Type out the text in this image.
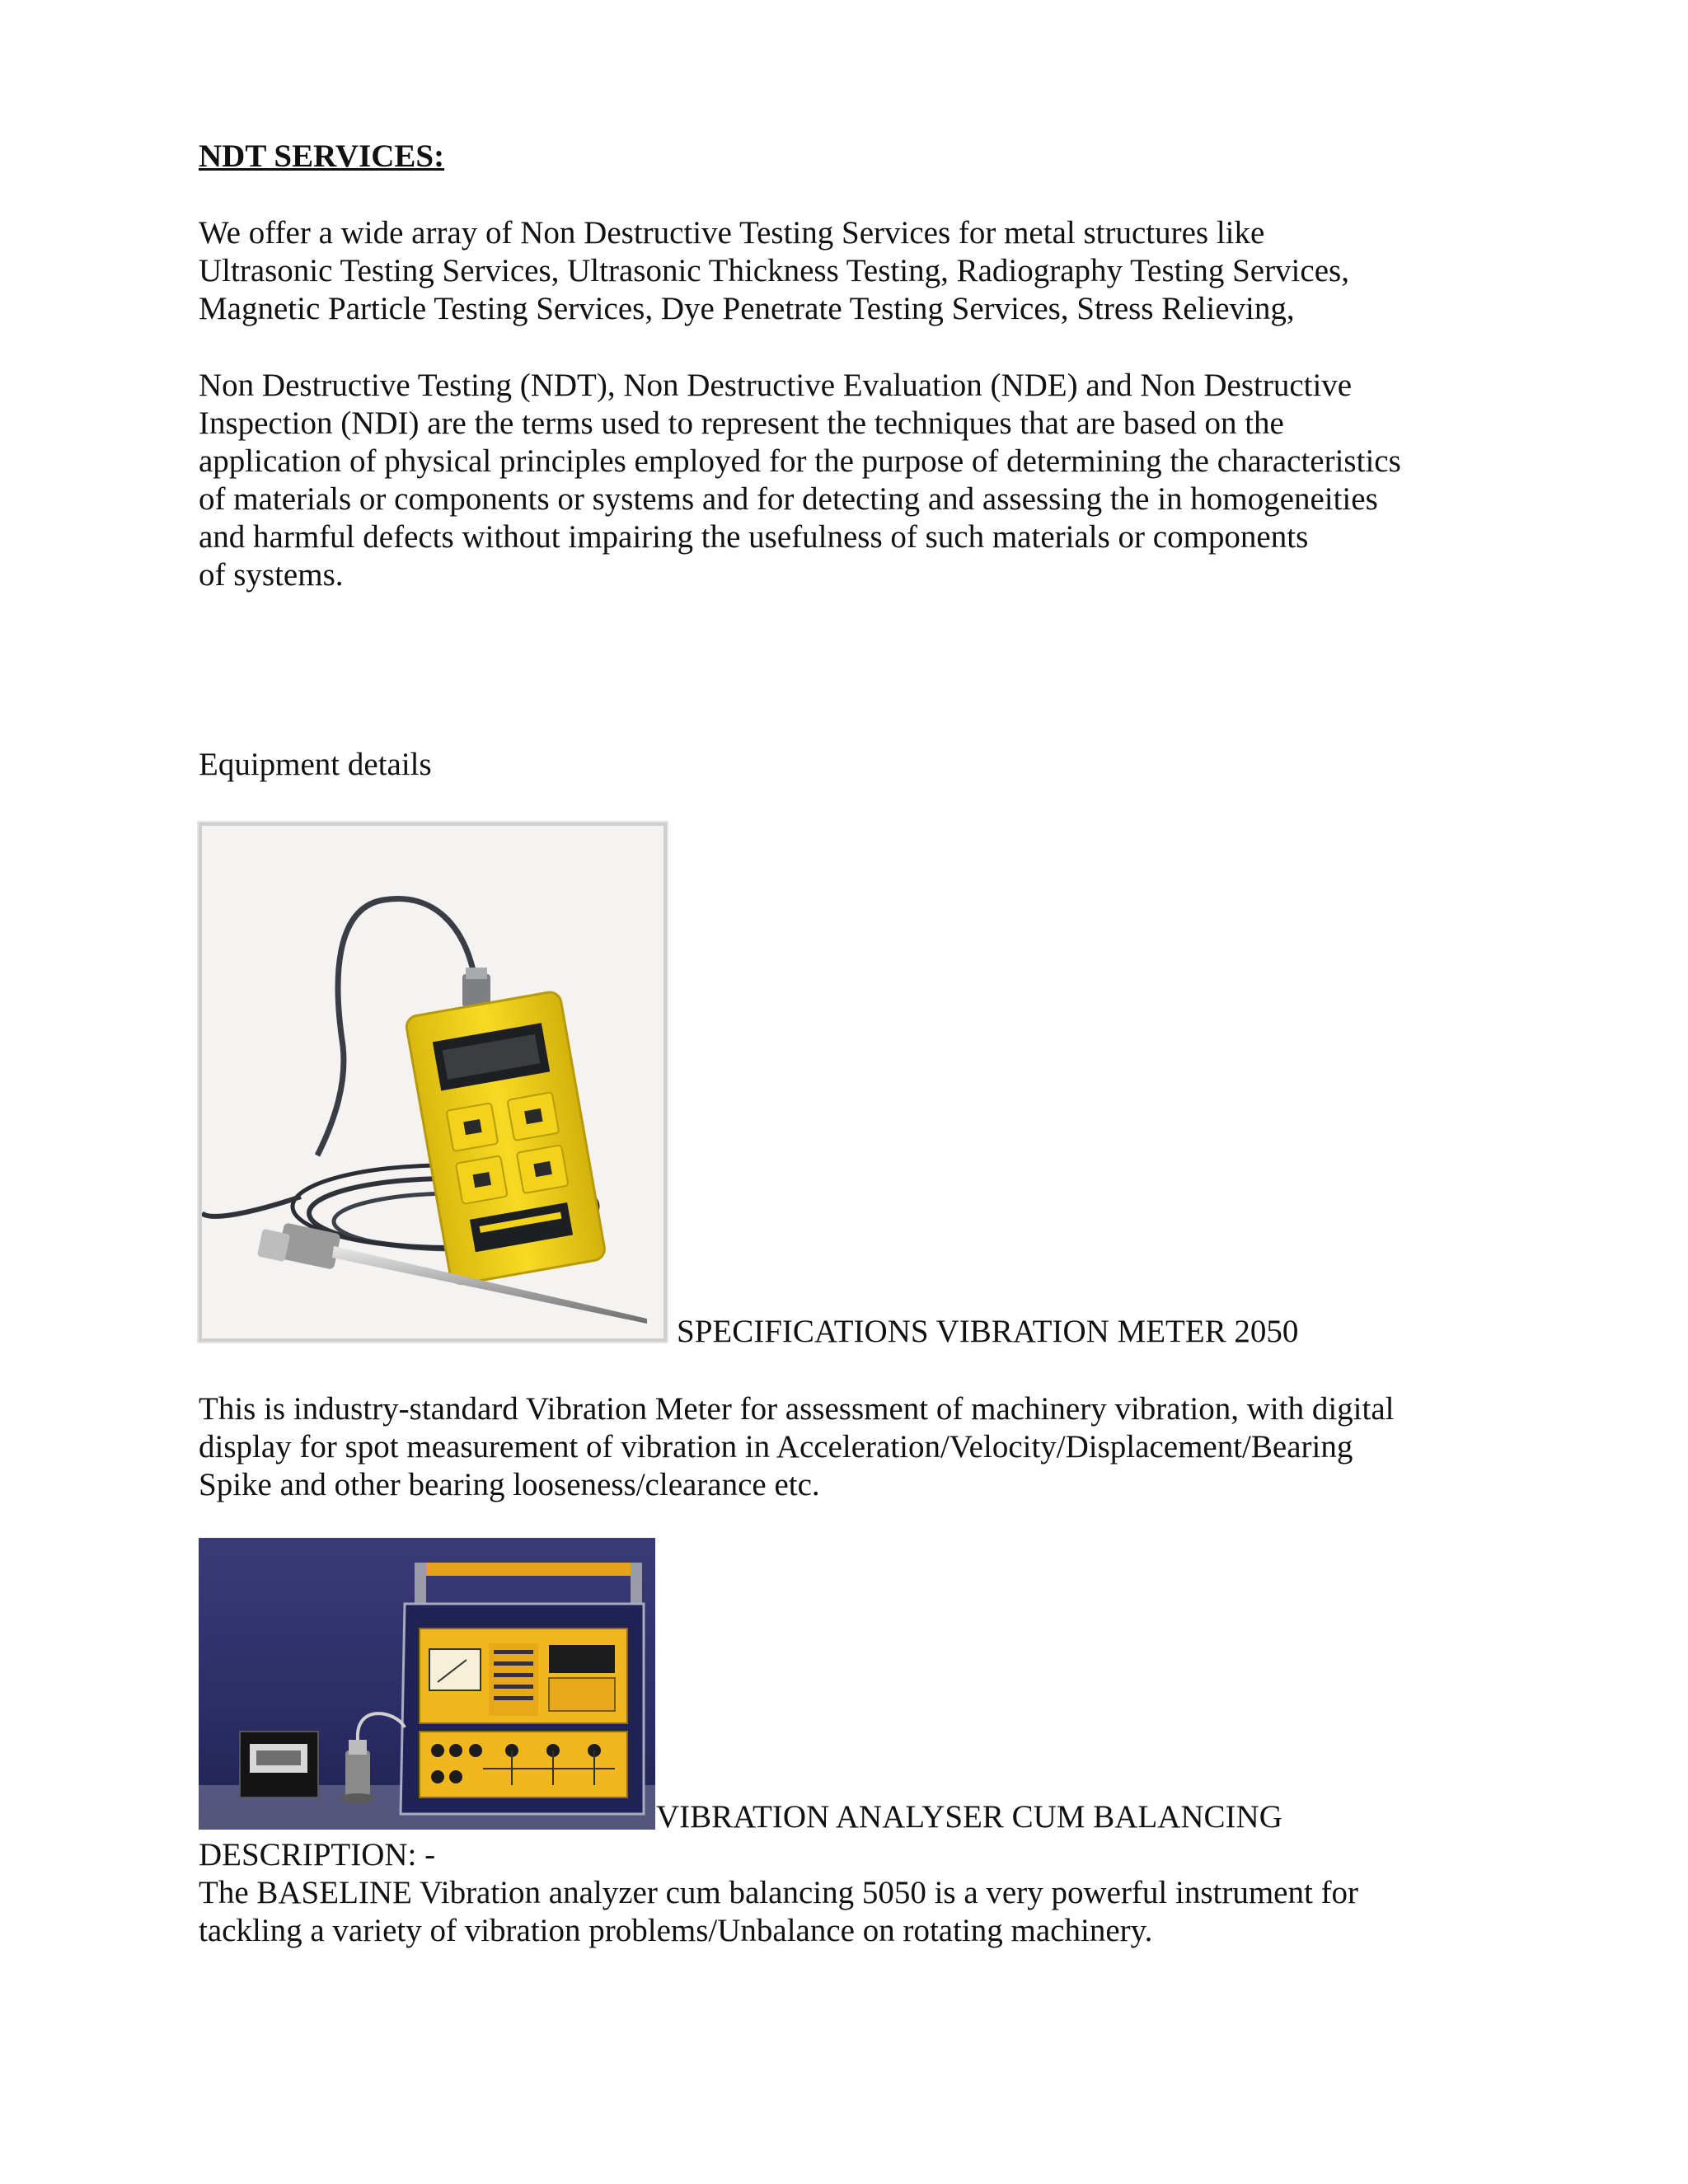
NDT SERVICES:

We offer a wide array of Non Destructive Testing Services for metal structures like
Ultrasonic Testing Services, Ultrasonic Thickness Testing, Radiography Testing Services,
Magnetic Particle Testing Services, Dye Penetrate Testing Services, Stress Relieving,
Non Destructive Testing (NDT), Non Destructive Evaluation (NDE) and Non Destructive
Inspection (NDI) are the terms used to represent the techniques that are based on the
application of physical principles employed for the purpose of determining the characteristics
of materials or components or systems and for detecting and assessing the in homogeneities
and harmful defects without impairing the usefulness of such materials or components
of systems.

Equipment details

SPECIFICATIONS VIBRATION METER 2050

This is industry-standard Vibration Meter for assessment of machinery vibration, with digital
display for spot measurement of vibration in Acceleration/Velocity/Displacement/Bearing
Spike and other bearing looseness/clearance etc.

VIBRATION ANALYSER CUM BALANCING

DESCRIPTION: -

The BASELINE Vibration analyzer cum balancing 5050 is a very powerful instrument for
tackling a variety of vibration problems/Unbalance on rotating machinery.
